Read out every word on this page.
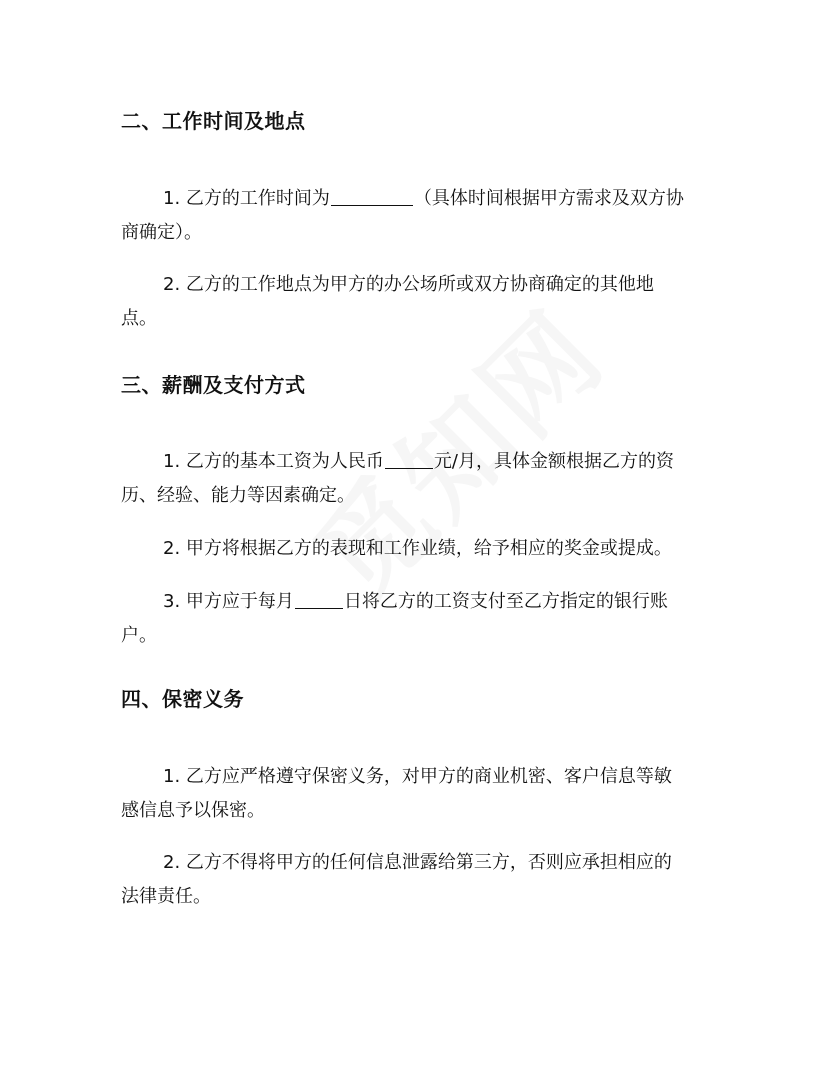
二、工作时间及地点

1. 乙方的工作时间为	（具体时间根据甲方需求及双方协
商确定）。

2. 乙方的工作地点为甲方的办公场所或双方协商确定的其他地
点。

三、薪酬及支付方式

1. 乙方的基本工资为人民币	元/月，具体金额根据乙方的资
历、经验、能力等因素确定。

2. 甲方将根据乙方的表现和工作业绩，给予相应的奖金或提成。

3. 甲方应于每月	日将乙方的工资支付至乙方指定的银行账
户。

四、保密义务

1. 乙方应严格遵守保密义务，对甲方的商业机密、客户信息等敏
感信息予以保密。

2. 乙方不得将甲方的任何信息泄露给第三方，否则应承担相应的
法律责任。
